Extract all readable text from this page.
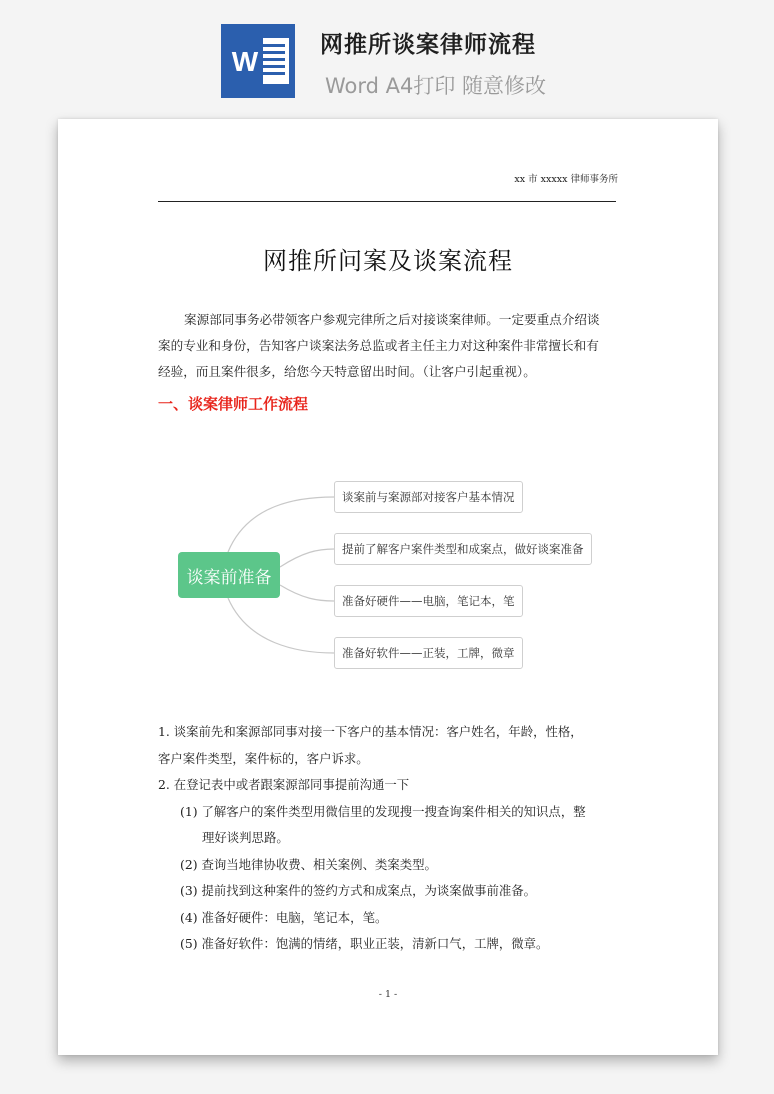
W
网推所谈案律师流程
Word A4打印 随意修改
xx 市 xxxxx 律师事务所
网推所问案及谈案流程
案源部同事务必带领客户参观完律所之后对接谈案律师。一定要重点介绍谈
案的专业和身份，告知客户谈案法务总监或者主任主力对这种案件非常擅长和有
经验，而且案件很多，给您今天特意留出时间。（让客户引起重视）。
一、谈案律师工作流程
谈案前准备
谈案前与案源部对接客户基本情况
提前了解客户案件类型和成案点，做好谈案准备
准备好硬件——电脑，笔记本，笔
准备好软件——正装，工牌，微章
1. 谈案前先和案源部同事对接一下客户的基本情况：客户姓名，年龄，性格，
客户案件类型，案件标的，客户诉求。
2. 在登记表中或者跟案源部同事提前沟通一下
(1) 了解客户的案件类型用微信里的发现搜一搜查询案件相关的知识点，整
理好谈判思路。
(2) 查询当地律协收费、相关案例、类案类型。
(3) 提前找到这种案件的签约方式和成案点，为谈案做事前准备。
(4) 准备好硬件：电脑，笔记本，笔。
(5) 准备好软件：饱满的情绪，职业正装，清新口气，工牌，微章。
- 1 -
